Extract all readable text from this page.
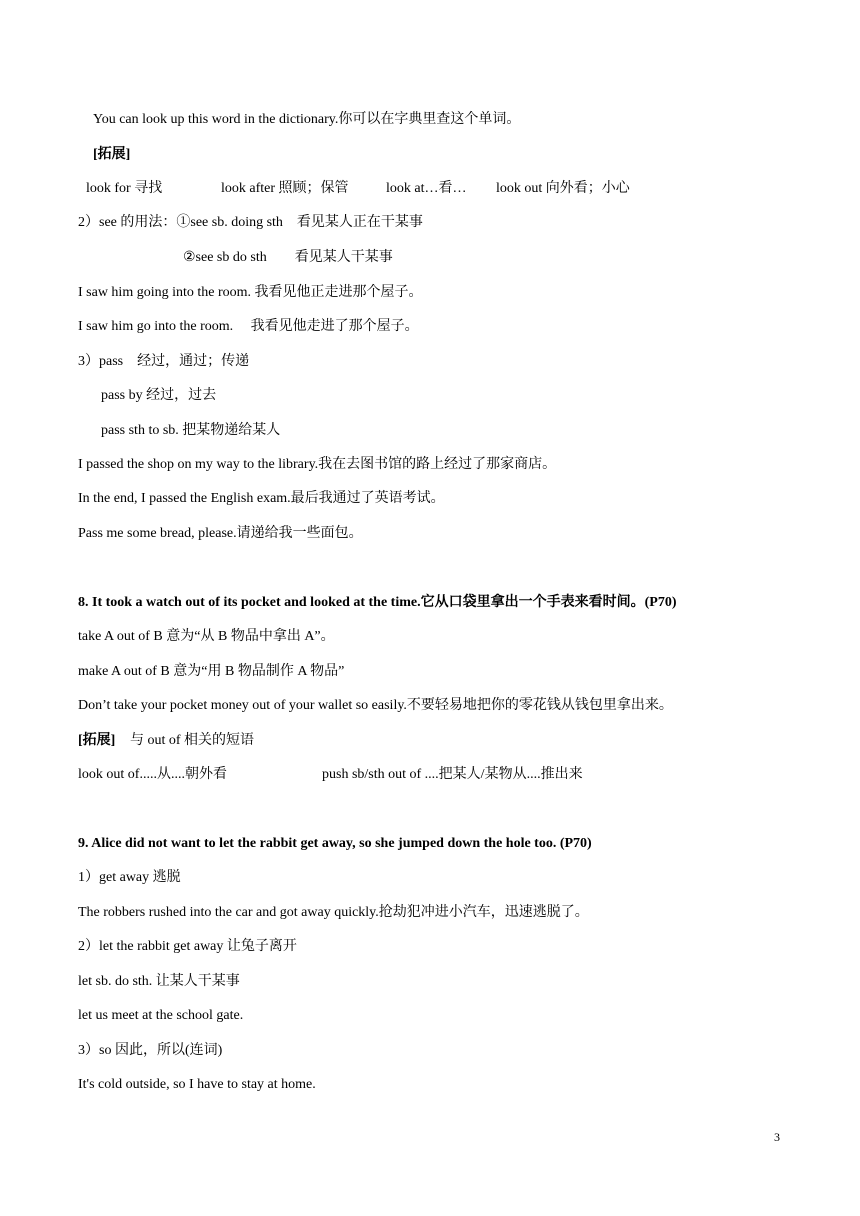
You can look up this word in the dictionary.你可以在字典里查这个单词。
[拓展]
look for 寻找	look after 照顾；保管	look at…看… look out 向外看；小心
2）see 的用法：①see sb. doing sth　看见某人正在干某事
②see sb do sth　　看见某人干某事
I saw him going into the room. 我看见他正走进那个屋子。
I saw him go into the room.　 我看见他走进了那个屋子。
3）pass　经过，通过；传递
pass by 经过，过去
pass sth to sb. 把某物递给某人
I passed the shop on my way to the library.我在去图书馆的路上经过了那家商店。
In the end, I passed the English exam.最后我通过了英语考试。
Pass me some bread, please.请递给我一些面包。
8. It took a watch out of its pocket and looked at the time.它从口袋里拿出一个手表来看时间。(P70)
take A out of B 意为“从 B 物品中拿出 A”。
make A out of B 意为“用 B 物品制作 A 物品”
Don’t take your pocket money out of your wallet so easily.不要轻易地把你的零花钱从钱包里拿出来。
[拓展] 与 out of 相关的短语
look out of.....从....朝外看	push sb/sth out of ....把某人/某物从....推出来
9. Alice did not want to let the rabbit get away, so she jumped down the hole too. (P70)
1）get away 逃脱
The robbers rushed into the car and got away quickly.抢劫犯冲进小汽车，迅速逃脱了。
2）let the rabbit get away 让兔子离开
let sb. do sth. 让某人干某事
let us meet at the school gate.
3）so 因此，所以(连词)
It's cold outside, so I have to stay at home.
3
